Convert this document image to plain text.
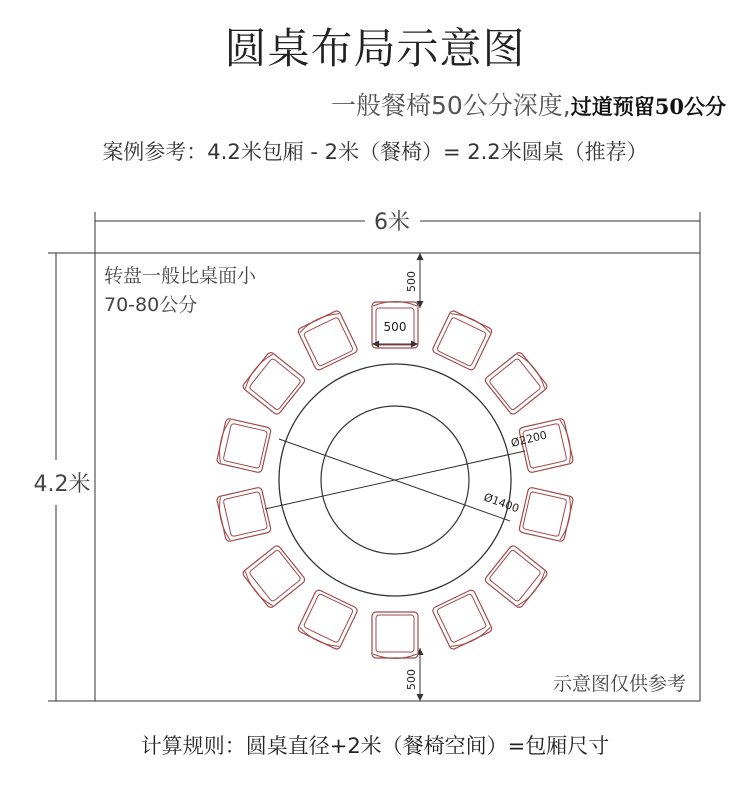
圆桌布局示意图
一般餐椅50公分深度,过道预留50公分
案例参考：4.2米包厢 - 2米（餐椅）= 2.2米圆桌（推荐）
6米
4.2米
转盘一般比桌面小
70-80公分
500
500
500
Ø2200
Ø1400
示意图仅供参考
计算规则：圆桌直径+2米（餐椅空间）=包厢尺寸
